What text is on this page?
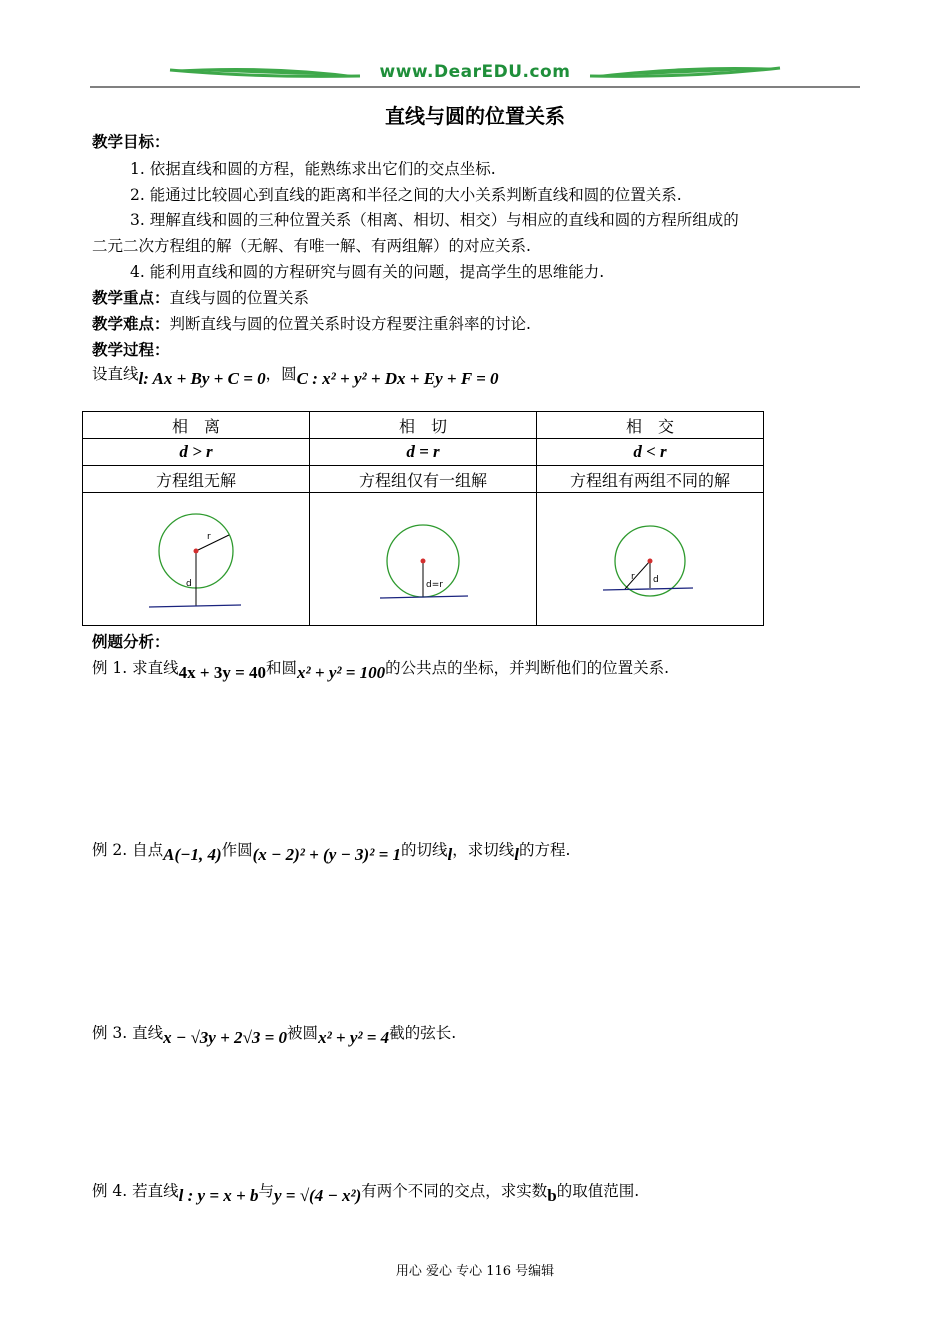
www.DearEDU.com
直线与圆的位置关系
教学目标：
1. 依据直线和圆的方程，能熟练求出它们的交点坐标.
2. 能通过比较圆心到直线的距离和半径之间的大小关系判断直线和圆的位置关系.
3. 理解直线和圆的三种位置关系（相离、相切、相交）与相应的直线和圆的方程所组成的
二元二次方程组的解（无解、有唯一解、有两组解）的对应关系.
4. 能利用直线和圆的方程研究与圆有关的问题，提高学生的思维能力.
教学重点：直线与圆的位置关系
教学难点：判断直线与圆的位置关系时设方程要注重斜率的讨论.
教学过程：
设直线l: Ax + By + C = 0，圆C : x² + y² + Dx + Ey + F = 0
相　离	相　切	相　交
d > r	d = r	d < r
方程组无解	方程组仅有一组解	方程组有两组不同的解

r
d	d=r	r d
例题分析：
例 1. 求直线4x + 3y = 40和圆x² + y² = 100的公共点的坐标，并判断他们的位置关系.
例 2. 自点A(−1, 4)作圆(x − 2)² + (y − 3)² = 1的切线l，求切线l的方程.
例 3. 直线x − √3y + 2√3 = 0被圆x² + y² = 4截的弦长.
例 4. 若直线l : y = x + b与y = √(4 − x²)有两个不同的交点，求实数b的取值范围.
用心 爱心 专心 116 号编辑
